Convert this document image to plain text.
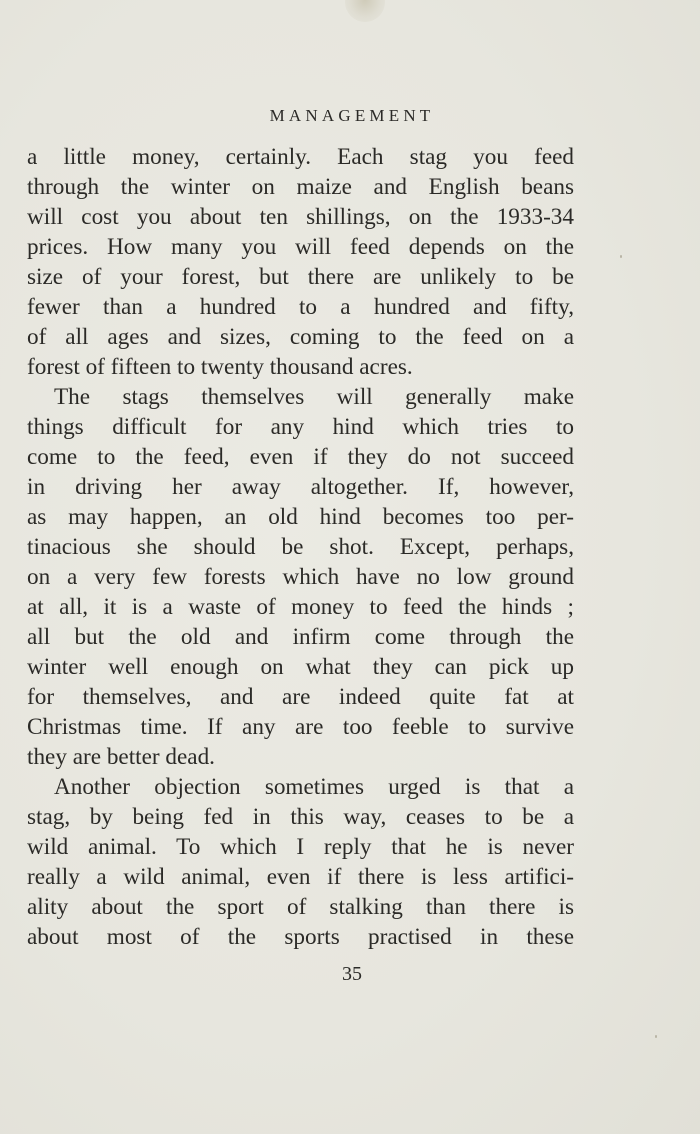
MANAGEMENT
a little money, certainly. Each stag you feed
through the winter on maize and English beans
will cost you about ten shillings, on the 1933-34
prices. How many you will feed depends on the
size of your forest, but there are unlikely to be
fewer than a hundred to a hundred and fifty,
of all ages and sizes, coming to the feed on a
forest of fifteen to twenty thousand acres.
The stags themselves will generally make
things difficult for any hind which tries to
come to the feed, even if they do not succeed
in driving her away altogether. If, however,
as may happen, an old hind becomes too per-
tinacious she should be shot. Except, perhaps,
on a very few forests which have no low ground
at all, it is a waste of money to feed the hinds ;
all but the old and infirm come through the
winter well enough on what they can pick up
for themselves, and are indeed quite fat at
Christmas time. If any are too feeble to survive
they are better dead.
Another objection sometimes urged is that a
stag, by being fed in this way, ceases to be a
wild animal. To which I reply that he is never
really a wild animal, even if there is less artifici-
ality about the sport of stalking than there is
about most of the sports practised in these
35
